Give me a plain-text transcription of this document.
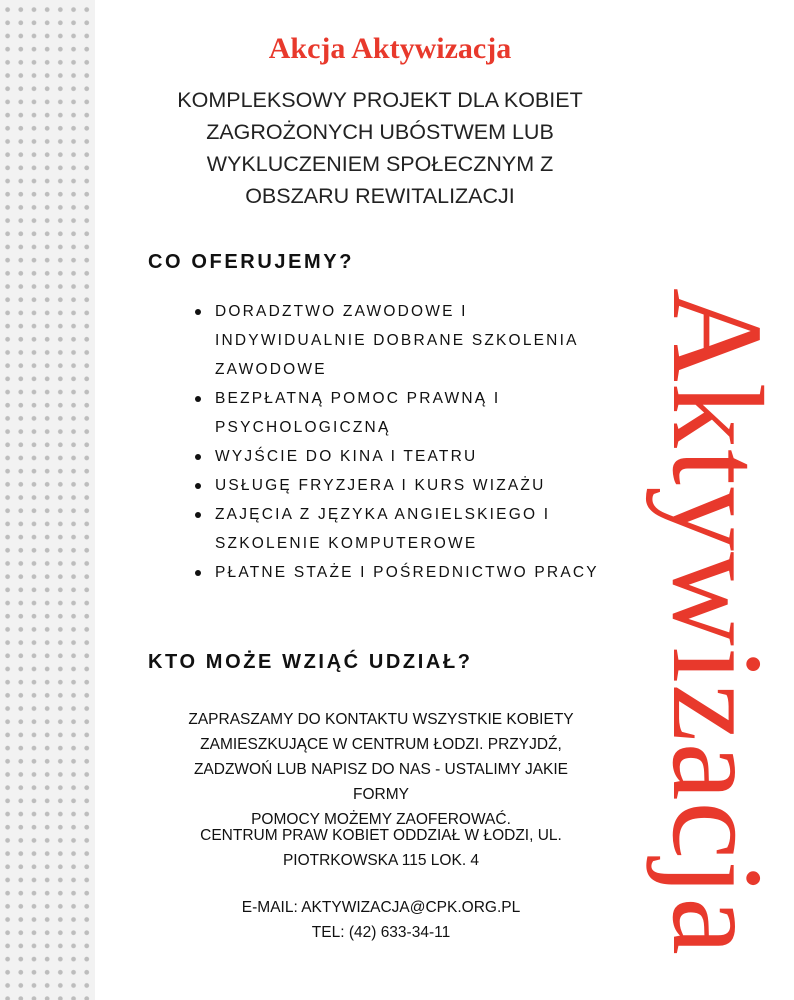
Akcja Aktywizacja

KOMPLEKSOWY PROJEKT DLA KOBIET
ZAGROŻONYCH UBÓSTWEM LUB
WYKLUCZENIEM SPOŁECZNYM Z
OBSZARU REWITALIZACJI

CO OFERUJEMY?
DORADZTWO ZAWODOWE I
INDYWIDUALNIE DOBRANE SZKOLENIA
ZAWODOWE
BEZPŁATNĄ POMOC PRAWNĄ I
PSYCHOLOGICZNĄ
WYJŚCIE DO KINA I TEATRU
USŁUGĘ FRYZJERA I KURS WIZAŻU
ZAJĘCIA Z JĘZYKA ANGIELSKIEGO I
SZKOLENIE KOMPUTEROWE
PŁATNE STAŻE I POŚREDNICTWO PRACY
KTO MOŻE WZIĄĆ UDZIAŁ?

ZAPRASZAMY DO KONTAKTU WSZYSTKIE KOBIETY
ZAMIESZKUJĄCE W CENTRUM ŁODZI. PRZYJDŹ,
ZADZWOŃ LUB NAPISZ DO NAS - USTALIMY JAKIE FORMY
POMOCY MOŻEMY ZAOFEROWAĆ.

CENTRUM PRAW KOBIET ODDZIAŁ W ŁODZI, UL.
PIOTRKOWSKA 115 LOK. 4

E-MAIL: AKTYWIZACJA@CPK.ORG.PL

TEL: (42) 633-34-11	Aktywizacja
